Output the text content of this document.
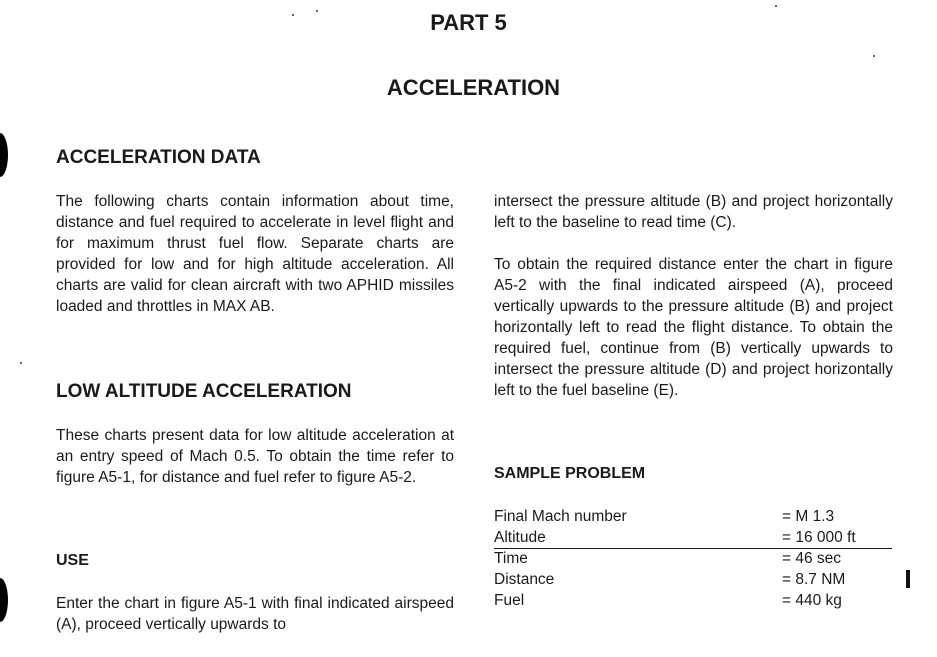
PART 5
ACCELERATION
ACCELERATION DATA

The following charts contain information about time, distance and fuel required to accelerate in level flight and for maximum thrust fuel flow. Separate charts are provided for low and for high altitude acceleration. All charts are valid for clean aircraft with two APHID missiles loaded and throttles in MAX AB.

LOW ALTITUDE ACCELERATION

These charts present data for low altitude acceleration at an entry speed of Mach 0.5. To obtain the time refer to figure A5-1, for distance and fuel refer to figure A5-2.

USE

Enter the chart in figure A5-1 with final indicated airspeed (A), proceed vertically upwards to

intersect the pressure altitude (B) and project horizontally left to the baseline to read time (C).

To obtain the required distance enter the chart in figure A5-2 with the final indicated airspeed (A), proceed vertically upwards to the pressure altitude (B) and project horizontally left to read the flight distance. To obtain the required fuel, continue from (B) vertically upwards to intersect the pressure altitude (D) and project horizontally left to the fuel baseline (E).

SAMPLE PROBLEM
Final Mach number	= M 1.3
Altitude	= 16 000 ft
Time	= 46 sec
Distance	= 8.7 NM
Fuel	= 440 kg
